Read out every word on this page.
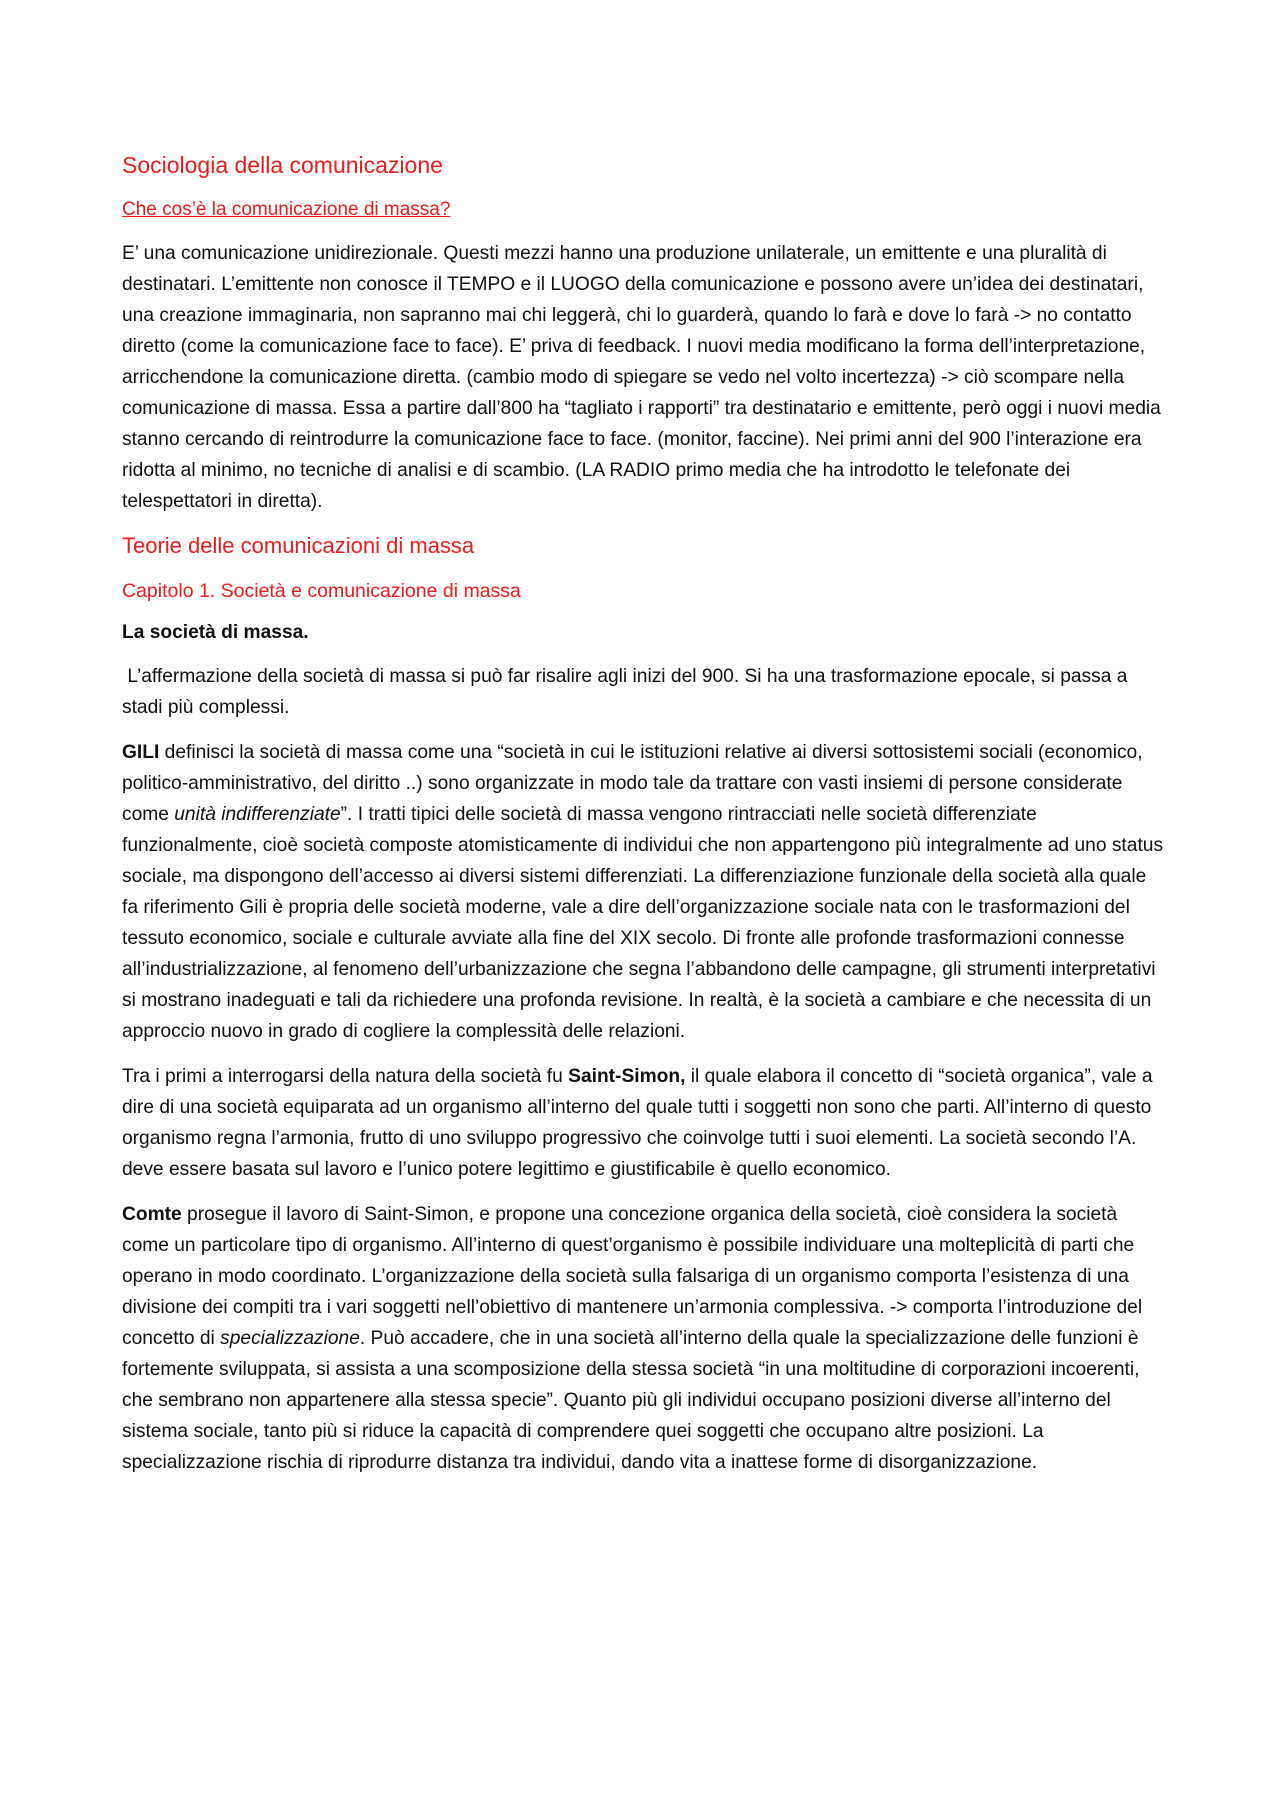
Sociologia della comunicazione
Che cos’è la comunicazione di massa?

E’ una comunicazione unidirezionale. Questi mezzi hanno una produzione unilaterale, un emittente e una pluralità di destinatari. L’emittente non conosce il TEMPO e il LUOGO della comunicazione e possono avere un’idea dei destinatari, una creazione immaginaria, non sapranno mai chi leggerà, chi lo guarderà, quando lo farà e dove lo farà -> no contatto diretto (come la comunicazione face to face). E’ priva di feedback. I nuovi media modificano la forma dell’interpretazione, arricchendone la comunicazione diretta. (cambio modo di spiegare se vedo nel volto incertezza) -> ciò scompare nella comunicazione di massa. Essa a partire dall’800 ha “tagliato i rapporti” tra destinatario e emittente, però oggi i nuovi media stanno cercando di reintrodurre la comunicazione face to face. (monitor, faccine). Nei primi anni del 900 l’interazione era ridotta al minimo, no tecniche di analisi e di scambio. (LA RADIO primo media che ha introdotto le telefonate dei telespettatori in diretta).

Teorie delle comunicazioni di massa
Capitolo 1. Società e comunicazione di massa
La società di massa.

L’affermazione della società di massa si può far risalire agli inizi del 900. Si ha una trasformazione epocale, si passa a stadi più complessi.

GILI definisci la società di massa come una “società in cui le istituzioni relative ai diversi sottosistemi sociali (economico, politico-amministrativo, del diritto ..) sono organizzate in modo tale da trattare con vasti insiemi di persone considerate come unità indifferenziate”. I tratti tipici delle società di massa vengono rintracciati nelle società differenziate funzionalmente, cioè società composte atomisticamente di individui che non appartengono più integralmente ad uno status sociale, ma dispongono dell’accesso ai diversi sistemi differenziati. La differenziazione funzionale della società alla quale fa riferimento Gili è propria delle società moderne, vale a dire dell’organizzazione sociale nata con le trasformazioni del tessuto economico, sociale e culturale avviate alla fine del XIX secolo. Di fronte alle profonde trasformazioni connesse all’industrializzazione, al fenomeno dell’urbanizzazione che segna l’abbandono delle campagne, gli strumenti interpretativi si mostrano inadeguati e tali da richiedere una profonda revisione. In realtà, è la società a cambiare e che necessita di un approccio nuovo in grado di cogliere la complessità delle relazioni.

Tra i primi a interrogarsi della natura della società fu Saint-Simon, il quale elabora il concetto di “società organica”, vale a dire di una società equiparata ad un organismo all’interno del quale tutti i soggetti non sono che parti. All’interno di questo organismo regna l’armonia, frutto di uno sviluppo progressivo che coinvolge tutti i suoi elementi. La società secondo l’A. deve essere basata sul lavoro e l’unico potere legittimo e giustificabile è quello economico.

Comte prosegue il lavoro di Saint-Simon, e propone una concezione organica della società, cioè considera la società come un particolare tipo di organismo. All’interno di quest’organismo è possibile individuare una molteplicità di parti che operano in modo coordinato. L’organizzazione della società sulla falsariga di un organismo comporta l’esistenza di una divisione dei compiti tra i vari soggetti nell’obiettivo di mantenere un’armonia complessiva. -> comporta l’introduzione del concetto di specializzazione. Può accadere, che in una società all’interno della quale la specializzazione delle funzioni è fortemente sviluppata, si assista a una scomposizione della stessa società “in una moltitudine di corporazioni incoerenti, che sembrano non appartenere alla stessa specie”. Quanto più gli individui occupano posizioni diverse all’interno del sistema sociale, tanto più si riduce la capacità di comprendere quei soggetti che occupano altre posizioni. La specializzazione rischia di riprodurre distanza tra individui, dando vita a inattese forme di disorganizzazione.
